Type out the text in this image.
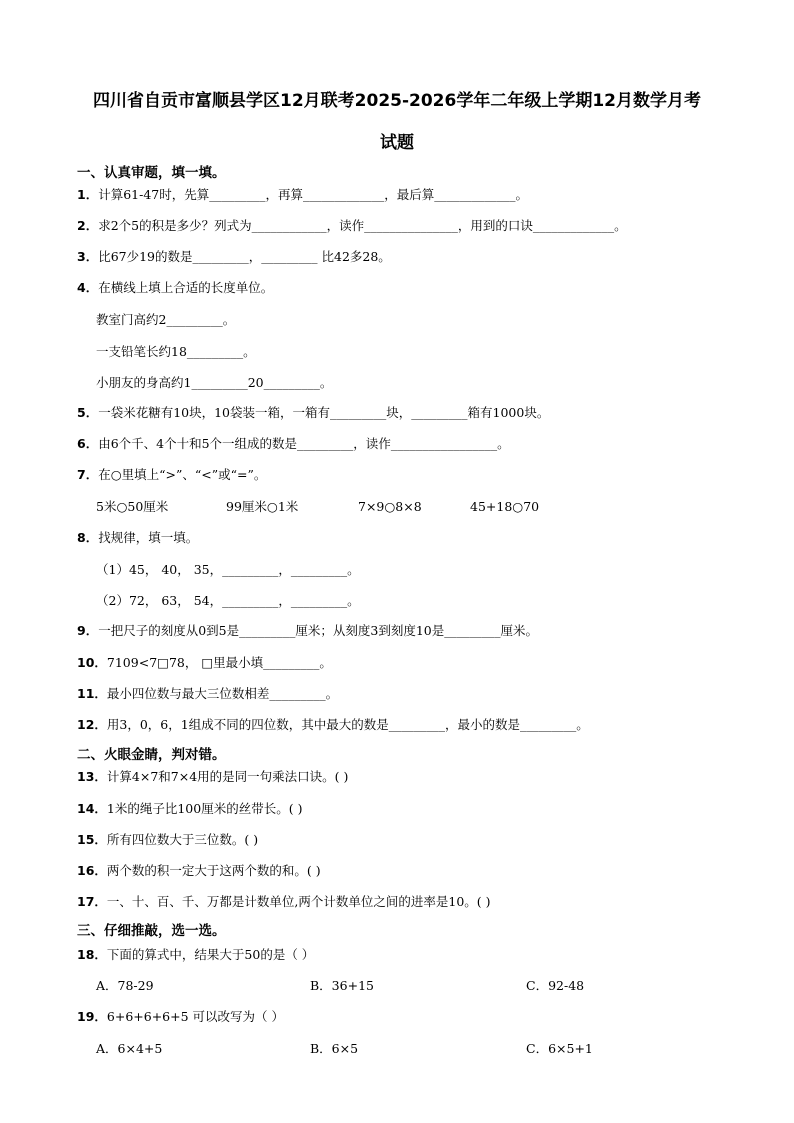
四川省自贡市富顺县学区12月联考2025-2026学年二年级上学期12月数学月考
试题
一、认真审题，填一填。
1．计算61-47时，先算_________，再算_____________，最后算_____________。
2．求2个5的积是多少？列式为____________，读作_______________，用到的口诀_____________。
3．比67少19的数是_________，_________ 比42多28。
4．在横线上填上合适的长度单位。
教室门高约2_________。
一支铅笔长约18_________。
小朋友的身高约1_________20_________。
5．一袋米花糖有10块，10袋装一箱，一箱有_________块，_________箱有1000块。
6．由6个千、4个十和5个一组成的数是_________，读作_________________。
7．在○里填上“>”、“<”或“=”。
5米○50厘米	99厘米○1米	7×9○8×8	45+18○70
8．找规律，填一填。
（1）45， 40， 35，_________，_________。
（2）72， 63， 54，_________，_________。
9．一把尺子的刻度从0到5是_________厘米；从刻度3到刻度10是_________厘米。
10．7109<7□78， □里最小填_________。
11．最小四位数与最大三位数相差_________。
12．用3，0，6，1组成不同的四位数，其中最大的数是_________，最小的数是_________。
二、火眼金睛，判对错。
13．计算4×7和7×4用的是同一句乘法口诀。( )
14．1米的绳子比100厘米的丝带长。( )
15．所有四位数大于三位数。( )
16．两个数的积一定大于这两个数的和。( )
17．一、十、百、千、万都是计数单位,两个计数单位之间的进率是10。( )
三、仔细推敲，选一选。
18．下面的算式中，结果大于50的是（ ）
A．78-29	B．36+15	C．92-48
19．6+6+6+6+5 可以改写为（ ）
A．6×4+5	B．6×5	C．6×5+1
